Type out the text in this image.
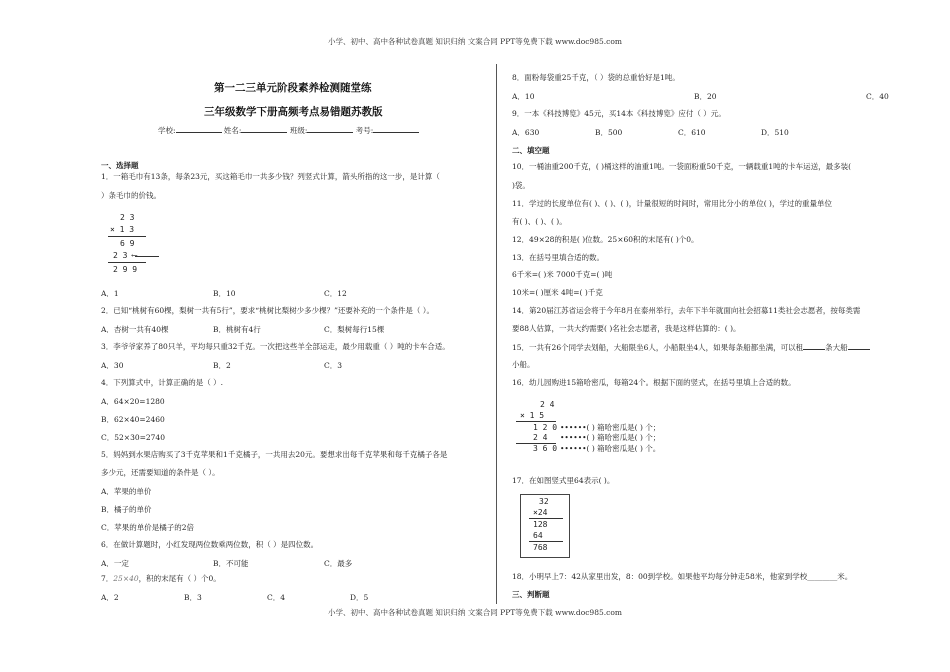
小学、初中、高中各种试卷真题 知识归纳 文案合同 PPT等免费下载 www.doc985.com
小学、初中、高中各种试卷真题 知识归纳 文案合同 PPT等免费下载 www.doc985.com
第一二三单元阶段素养检测随堂练
三年级数学下册高频考点易错题苏教版
学校:	姓名:	班级:	考号:
一、选择题
1．一箱毛巾有13条，每条23元，买这箱毛巾一共多少钱？列竖式计算，箭头所指的这一步，是计算（
）条毛巾的价钱。
2 3
× 1 3
6 9
2 3 ←
2 9 9
A．1	B．10	C．12
2．已知“桃树有60棵，梨树一共有5行”，要求“桃树比梨树少多少棵？”还要补充的一个条件是（ ）。
A．杏树一共有40棵	B．桃树有4行	C．梨树每行15棵
3．李爷爷家养了80只羊，平均每只重32千克。一次把这些羊全部运走，最少用载重（ ）吨的卡车合适。
A．30	B．2	C．3
4．下列算式中，计算正确的是（ ）.
A．64×20=1280
B．62×40=2460
C．52×30=2740
5．妈妈到水果店购买了3千克苹果和1千克橘子，一共用去20元。要想求出每千克苹果和每千克橘子各是
多少元，还需要知道的条件是（ ）。
A．苹果的单价
B．橘子的单价
C．苹果的单价是橘子的2倍
6．在做计算题时，小红发现两位数乘两位数，积（ ）是四位数。
A．一定	B．不可能	C．最多
7．25×40，积的末尾有（ ）个0。
A．2	B．3	C．4	D．5
8．面粉每袋重25千克，（ ）袋的总重恰好是1吨。
A．10	B．20	C．40
9．一本《科技博览》45元，买14本《科技博览》应付（ ）元。
A．630	B．500	C．610	D．510
二、填空题
10．一桶油重200千克，( )桶这样的油重1吨。一袋面粉重50千克，一辆载重1吨的卡车运送，最多装(
)袋。
11．学过的长度单位有( )、( )、( )，计量很短的时间时，常用比分小的单位( )，学过的重量单位
有( )、( )、( )。
12．49×28的积是( )位数。25×60积的末尾有( )个0。
13．在括号里填合适的数。
6千米=( )米 7000千克=( )吨
10米=( )厘米 4吨=( )千克
14．第20届江苏省运会将于今年8月在泰州举行，去年下半年就面向社会招募11类社会志愿者，按每类需
要88人估算，一共大约需要( )名社会志愿者，我是这样估算的：( )。
15．一共有26个同学去划船，大船限坐6人，小船限坐4人，如果每条船都坐满，可以租	条大船
小船。
16．幼儿园购进15箱哈密瓜，每箱24个。根据下面的竖式，在括号里填上合适的数。
2 4
× 1 5
1 2 0
2 4
3 6 0
••••••( ) 箱哈密瓜是( ) 个；
••••••( ) 箱哈密瓜是( ) 个；
••••••( ) 箱哈密瓜是( ) 个。
17．在如图竖式里64表示( )。
32
×24
128
64
768
18．小明早上7：42从家里出发，8：00到学校。如果他平均每分钟走58米，他家到学校________米。
三、判断题
